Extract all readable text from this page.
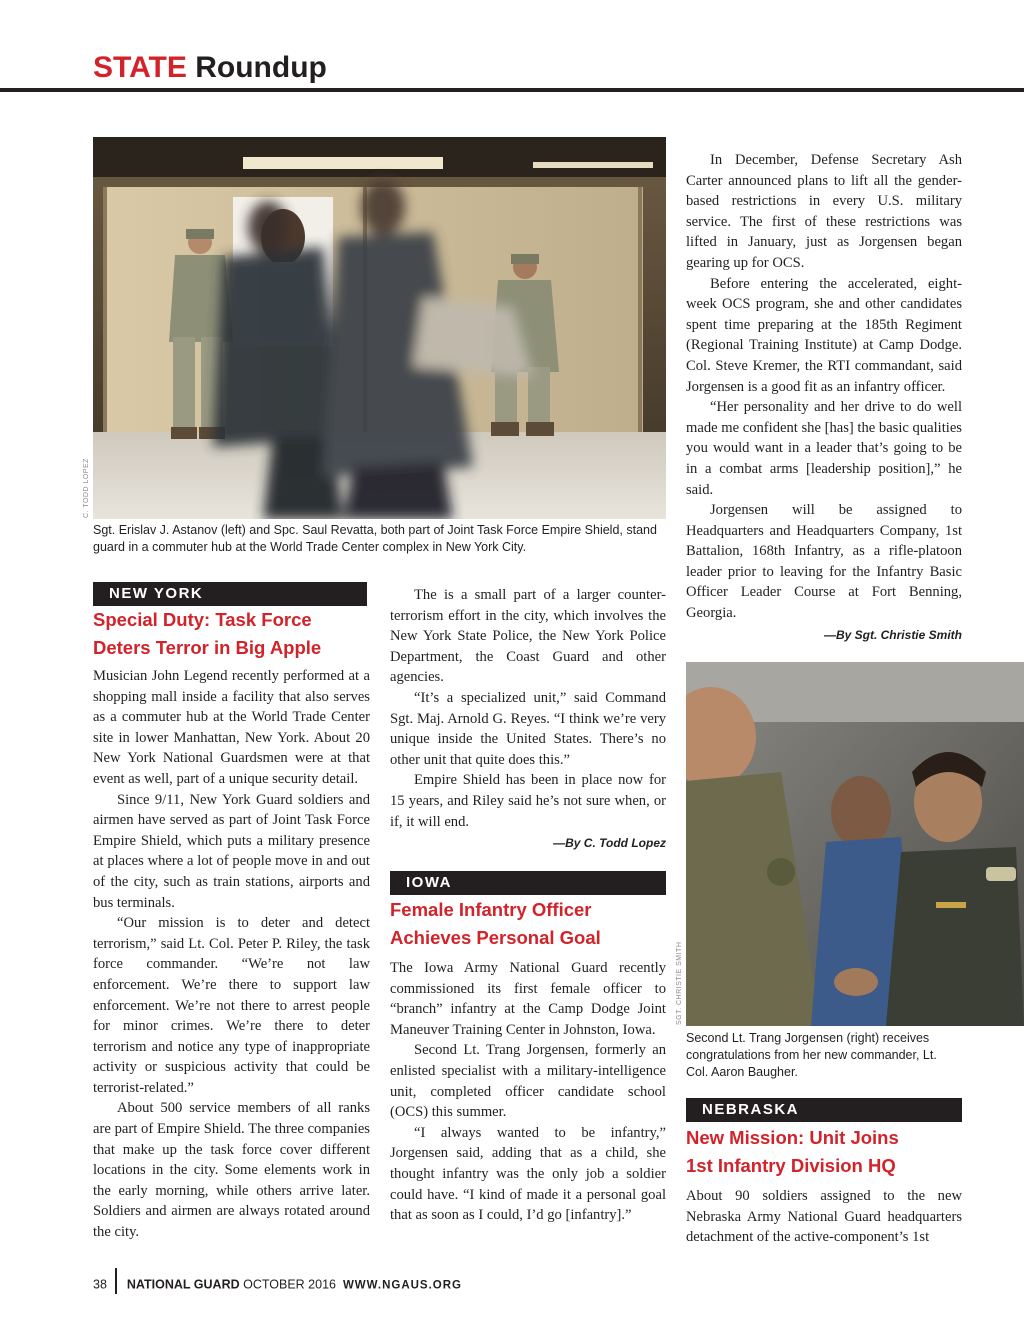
STATE Roundup
C. TODD LOPEZ
Sgt. Erislav J. Astanov (left) and Spc. Saul Revatta, both part of Joint Task Force Empire Shield, stand guard in a commuter hub at the World Trade Center complex in New York City.
NEW YORK
Special Duty: Task Force
Deters Terror in Big Apple

Musician John Legend recently performed at a shopping mall inside a facility that also serves as a commuter hub at the World Trade Center site in lower Manhattan, New York. About 20 New York National Guardsmen were at that event as well, part of a unique security detail.

Since 9/11, New York Guard soldiers and airmen have served as part of Joint Task Force Empire Shield, which puts a military presence at places where a lot of people move in and out of the city, such as train stations, airports and bus terminals.

“Our mission is to deter and detect terrorism,” said Lt. Col. Peter P. Riley, the task force commander. “We’re not law enforcement. We’re there to support law enforcement. We’re not there to arrest people for minor crimes. We’re there to deter terrorism and notice any type of inappropriate activity or suspicious activity that could be terrorist-related.”

About 500 service members of all ranks are part of Empire Shield. The three companies that make up the task force cover different locations in the city. Some elements work in the early morning, while others arrive later. Soldiers and airmen are always rotated around the city.

The is a small part of a larger counter-terrorism effort in the city, which involves the New York State Police, the New York Police Department, the Coast Guard and other agencies.

“It’s a specialized unit,” said Command Sgt. Maj. Arnold G. Reyes. “I think we’re very unique inside the United States. There’s no other unit that quite does this.”

Empire Shield has been in place now for 15 years, and Riley said he’s not sure when, or if, it will end.

—By C. Todd Lopez
IOWA
Female Infantry Officer
Achieves Personal Goal

The Iowa Army National Guard recently commissioned its first female officer to “branch” infantry at the Camp Dodge Joint Maneuver Training Center in Johnston, Iowa.

Second Lt. Trang Jorgensen, formerly an enlisted specialist with a military-intelligence unit, completed officer candidate school (OCS) this summer.

“I always wanted to be infantry,” Jorgensen said, adding that as a child, she thought infantry was the only job a soldier could have. “I kind of made it a personal goal that as soon as I could, I’d go [infantry].”

In December, Defense Secretary Ash Carter announced plans to lift all the gender-based restrictions in every U.S. military service. The first of these restrictions was lifted in January, just as Jorgensen began gearing up for OCS.

Before entering the accelerated, eight-week OCS program, she and other candidates spent time preparing at the 185th Regiment (Regional Training Institute) at Camp Dodge. Col. Steve Kremer, the RTI commandant, said Jorgensen is a good fit as an infantry officer.

“Her personality and her drive to do well made me confident she [has] the basic qualities you would want in a leader that’s going to be in a combat arms [leadership position],” he said.

Jorgensen will be assigned to Headquarters and Headquarters Company, 1st Battalion, 168th Infantry, as a rifle-platoon leader prior to leaving for the Infantry Basic Officer Leader Course at Fort Benning, Georgia.

—By Sgt. Christie Smith
SGT. CHRISTIE SMITH
Second Lt. Trang Jorgensen (right) receives congratulations from her new commander, Lt. Col. Aaron Baugher.
NEBRASKA
New Mission: Unit Joins
1st Infantry Division HQ

About 90 soldiers assigned to the new Nebraska Army National Guard headquarters detachment of the active-component’s 1st

38 NATIONAL GUARD OCTOBER 2016 WWW.NGAUS.ORG
